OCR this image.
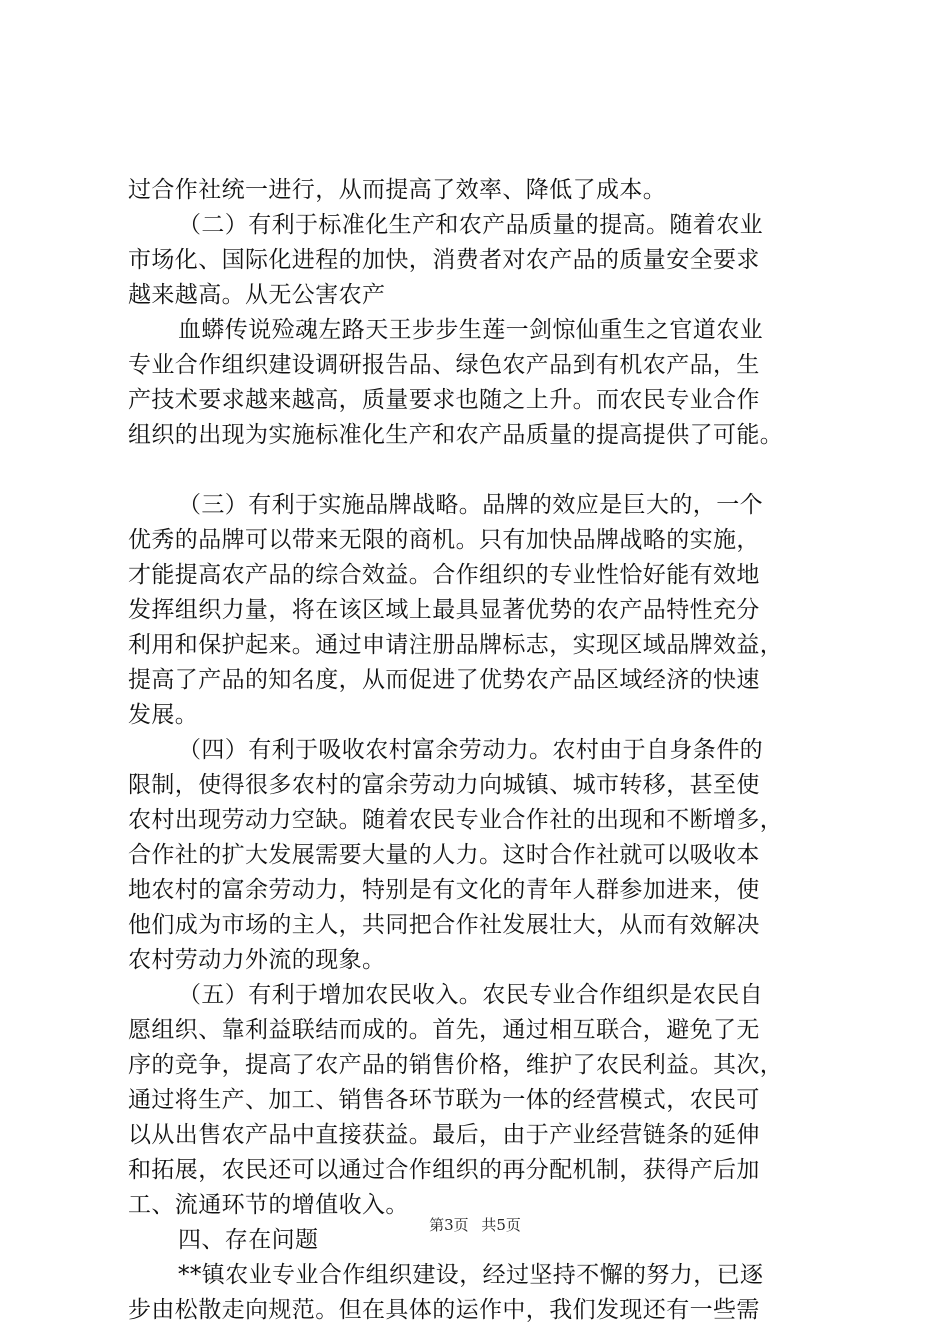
过合作社统一进行，从而提高了效率、降低了成本。
（二）有利于标准化生产和农产品质量的提高。随着农业
市场化、国际化进程的加快，消费者对农产品的质量安全要求
越来越高。从无公害农产
血蟒传说殓魂左路天王步步生莲一剑惊仙重生之官道农业
专业合作组织建设调研报告品、绿色农产品到有机农产品，生
产技术要求越来越高，质量要求也随之上升。而农民专业合作
组织的出现为实施标准化生产和农产品质量的提高提供了可能。
（三）有利于实施品牌战略。品牌的效应是巨大的，一个
优秀的品牌可以带来无限的商机。只有加快品牌战略的实施，
才能提高农产品的综合效益。合作组织的专业性恰好能有效地
发挥组织力量，将在该区域上最具显著优势的农产品特性充分
利用和保护起来。通过申请注册品牌标志，实现区域品牌效益，
提高了产品的知名度，从而促进了优势农产品区域经济的快速
发展。
（四）有利于吸收农村富余劳动力。农村由于自身条件的
限制，使得很多农村的富余劳动力向城镇、城市转移，甚至使
农村出现劳动力空缺。随着农民专业合作社的出现和不断增多，
合作社的扩大发展需要大量的人力。这时合作社就可以吸收本
地农村的富余劳动力，特别是有文化的青年人群参加进来，使
他们成为市场的主人，共同把合作社发展壮大，从而有效解决
农村劳动力外流的现象。
（五）有利于增加农民收入。农民专业合作组织是农民自
愿组织、靠利益联结而成的。首先，通过相互联合，避免了无
序的竞争，提高了农产品的销售价格，维护了农民利益。其次，
通过将生产、加工、销售各环节联为一体的经营模式，农民可
以从出售农产品中直接获益。最后，由于产业经营链条的延伸
和拓展，农民还可以通过合作组织的再分配机制，获得产后加
工、流通环节的增值收入。
四、存在问题
**镇农业专业合作组织建设，经过坚持不懈的努力，已逐
步由松散走向规范。但在具体的运作中，我们发现还有一些需
第3页 共5页
